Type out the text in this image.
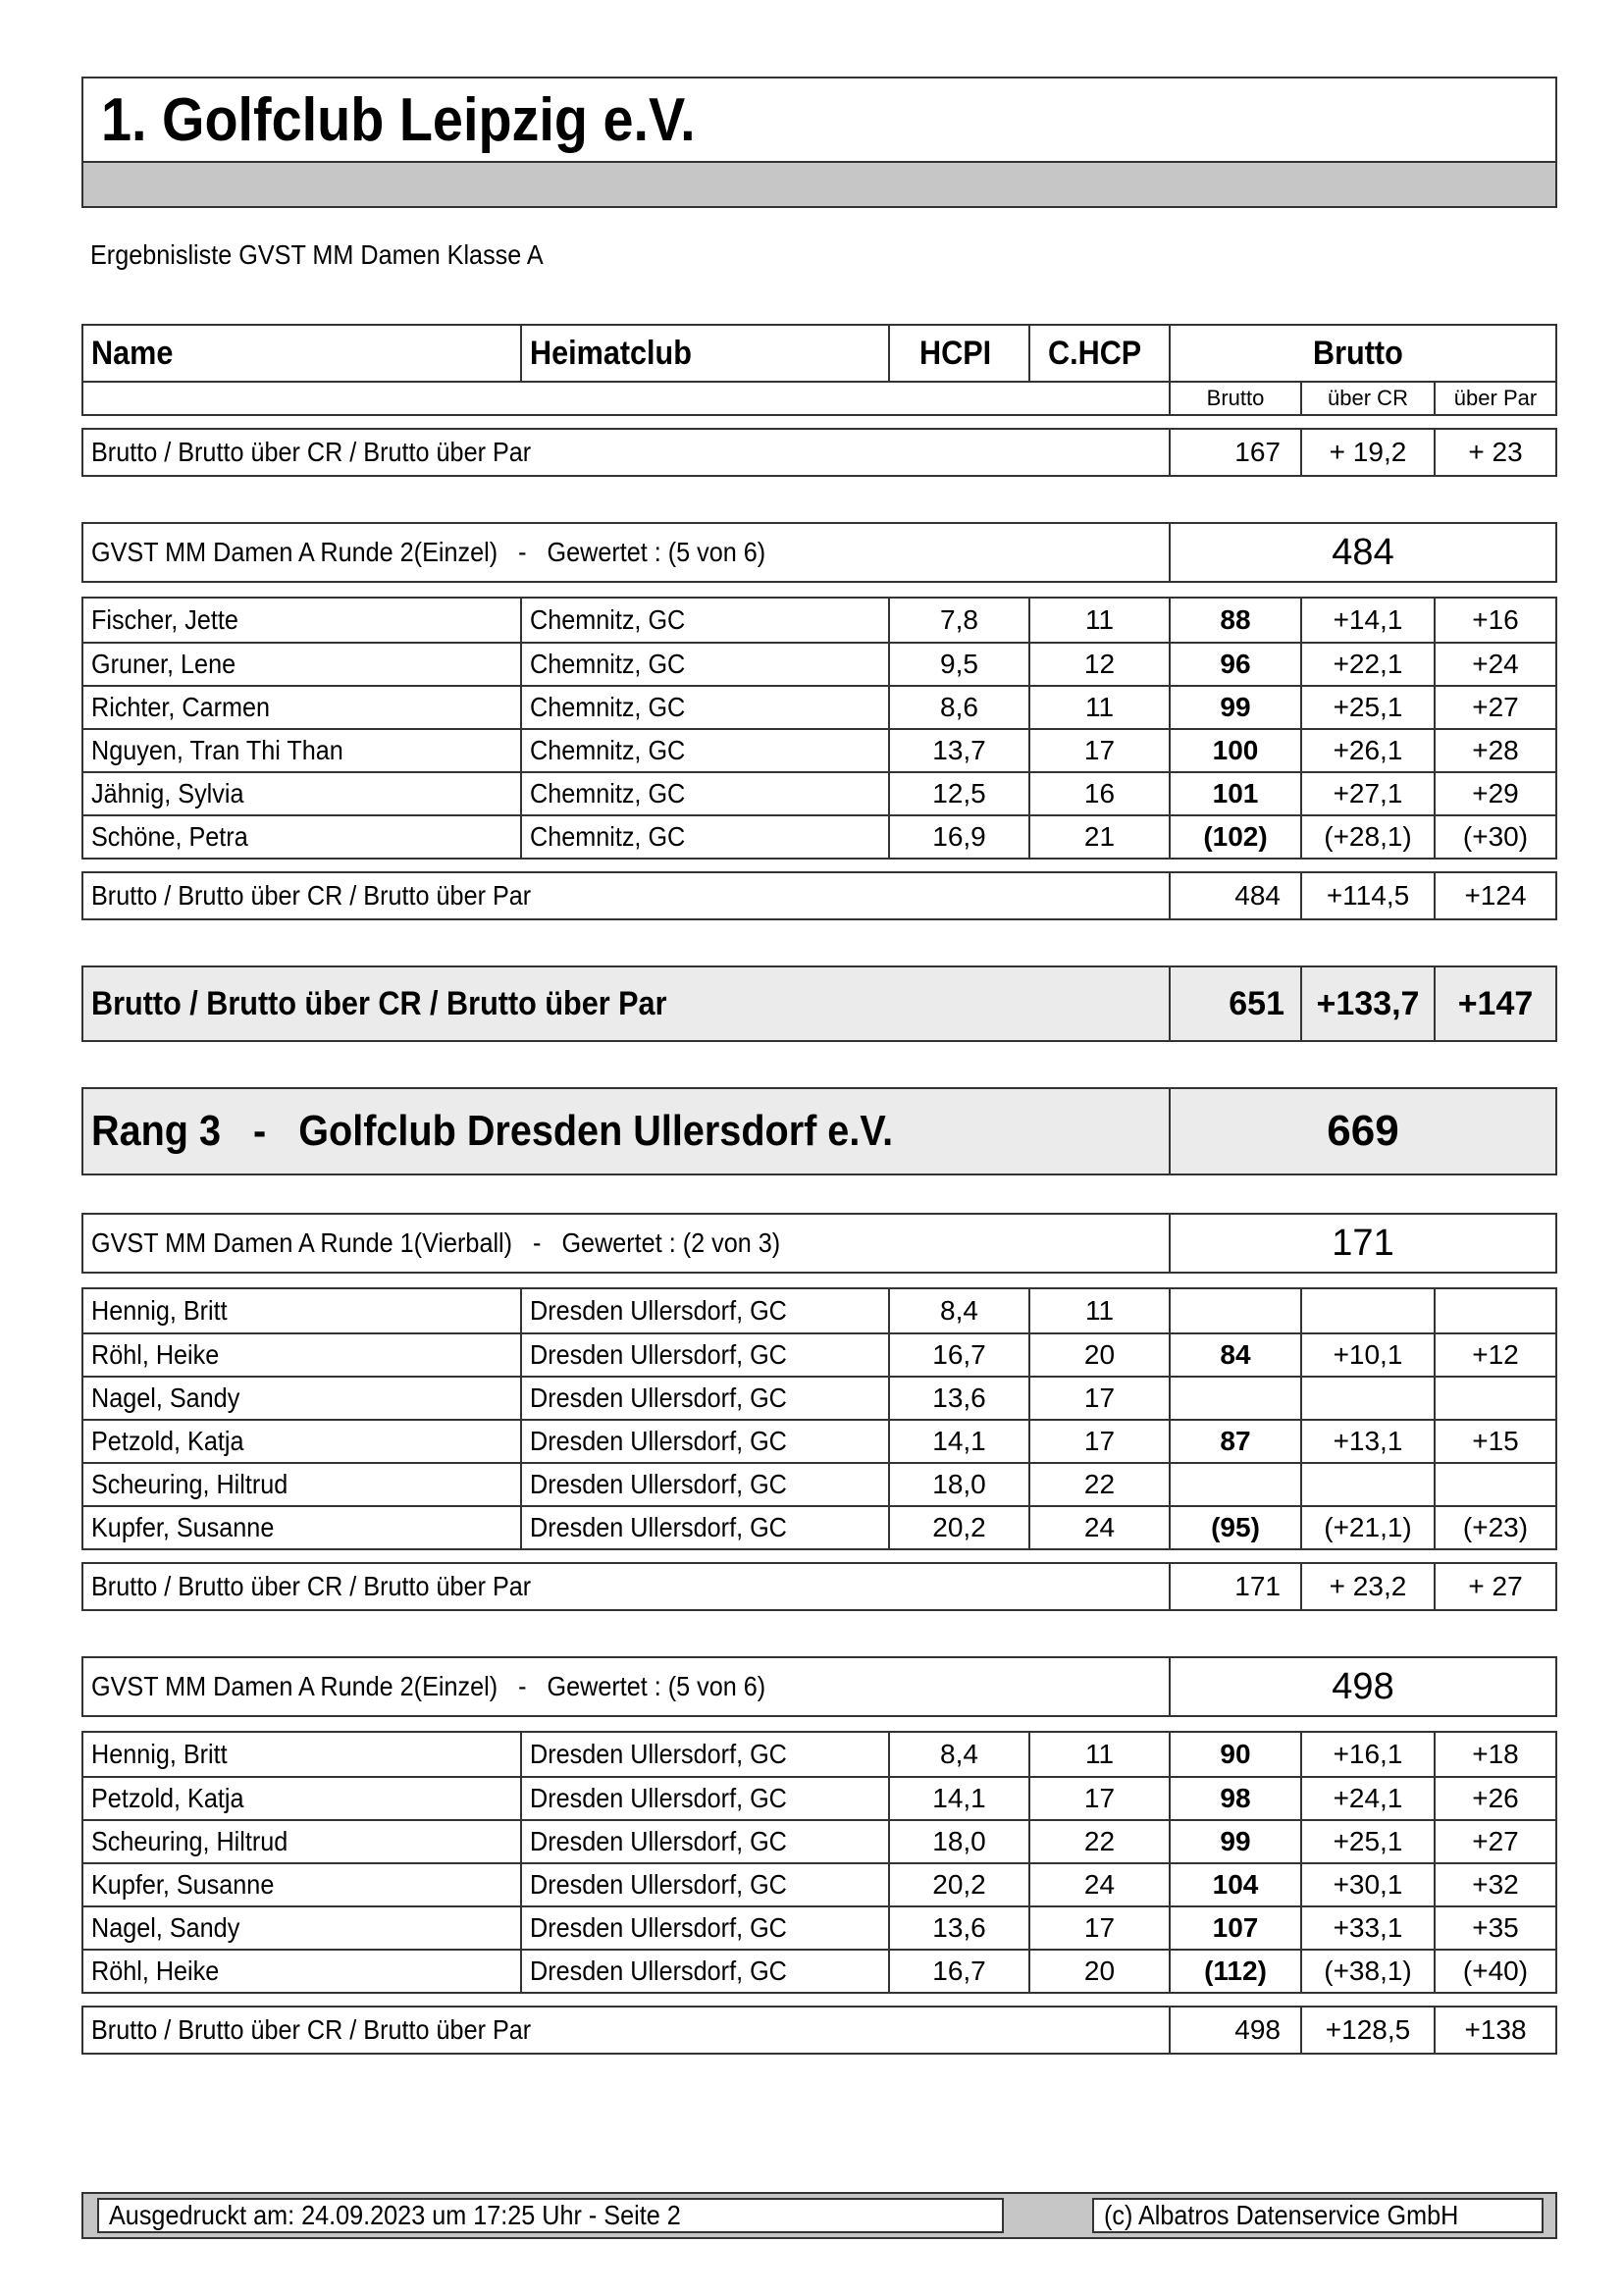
1. Golfclub Leipzig e.V.
Ergebnisliste GVST MM Damen Klasse A
Name	Heimatclub	HCPI C.HCP	Brutto
Brutto	über CR	über Par
Brutto / Brutto über CR / Brutto über Par	167	+ 19,2	+ 23
GVST MM Damen A Runde 2(Einzel)   -   Gewertet : (5 von 6)	484
Fischer, Jette	Chemnitz, GC	7,8	11	88	+14,1	+16
Gruner, Lene	Chemnitz, GC	9,5	12	96	+22,1	+24
Richter, Carmen	Chemnitz, GC	8,6	11	99	+25,1	+27
Nguyen, Tran Thi Than	Chemnitz, GC	13,7	17	100	+26,1	+28
Jähnig, Sylvia	Chemnitz, GC	12,5	16	101	+27,1	+29
Schöne, Petra	Chemnitz, GC	16,9	21	(102)	(+28,1)	(+30)
Brutto / Brutto über CR / Brutto über Par	484	+114,5	+124
Brutto / Brutto über CR / Brutto über Par	651 +133,7	+147
Rang 3   -   Golfclub Dresden Ullersdorf e.V.	669
GVST MM Damen A Runde 1(Vierball)   -   Gewertet : (2 von 3)	171
Hennig, Britt	Dresden Ullersdorf, GC	8,4	11
Röhl, Heike	Dresden Ullersdorf, GC	16,7	20	84	+10,1	+12
Nagel, Sandy	Dresden Ullersdorf, GC	13,6	17
Petzold, Katja	Dresden Ullersdorf, GC	14,1	17	87	+13,1	+15
Scheuring, Hiltrud	Dresden Ullersdorf, GC	18,0	22
Kupfer, Susanne	Dresden Ullersdorf, GC	20,2	24	(95)	(+21,1)	(+23)
Brutto / Brutto über CR / Brutto über Par	171	+ 23,2	+ 27
GVST MM Damen A Runde 2(Einzel)   -   Gewertet : (5 von 6)	498
Hennig, Britt	Dresden Ullersdorf, GC	8,4	11	90	+16,1	+18
Petzold, Katja	Dresden Ullersdorf, GC	14,1	17	98	+24,1	+26
Scheuring, Hiltrud	Dresden Ullersdorf, GC	18,0	22	99	+25,1	+27
Kupfer, Susanne	Dresden Ullersdorf, GC	20,2	24	104	+30,1	+32
Nagel, Sandy	Dresden Ullersdorf, GC	13,6	17	107	+33,1	+35
Röhl, Heike	Dresden Ullersdorf, GC	16,7	20	(112)	(+38,1)	(+40)
Brutto / Brutto über CR / Brutto über Par	498	+128,5	+138
Ausgedruckt am: 24.09.2023 um 17:25 Uhr - Seite 2	(c) Albatros Datenservice GmbH
